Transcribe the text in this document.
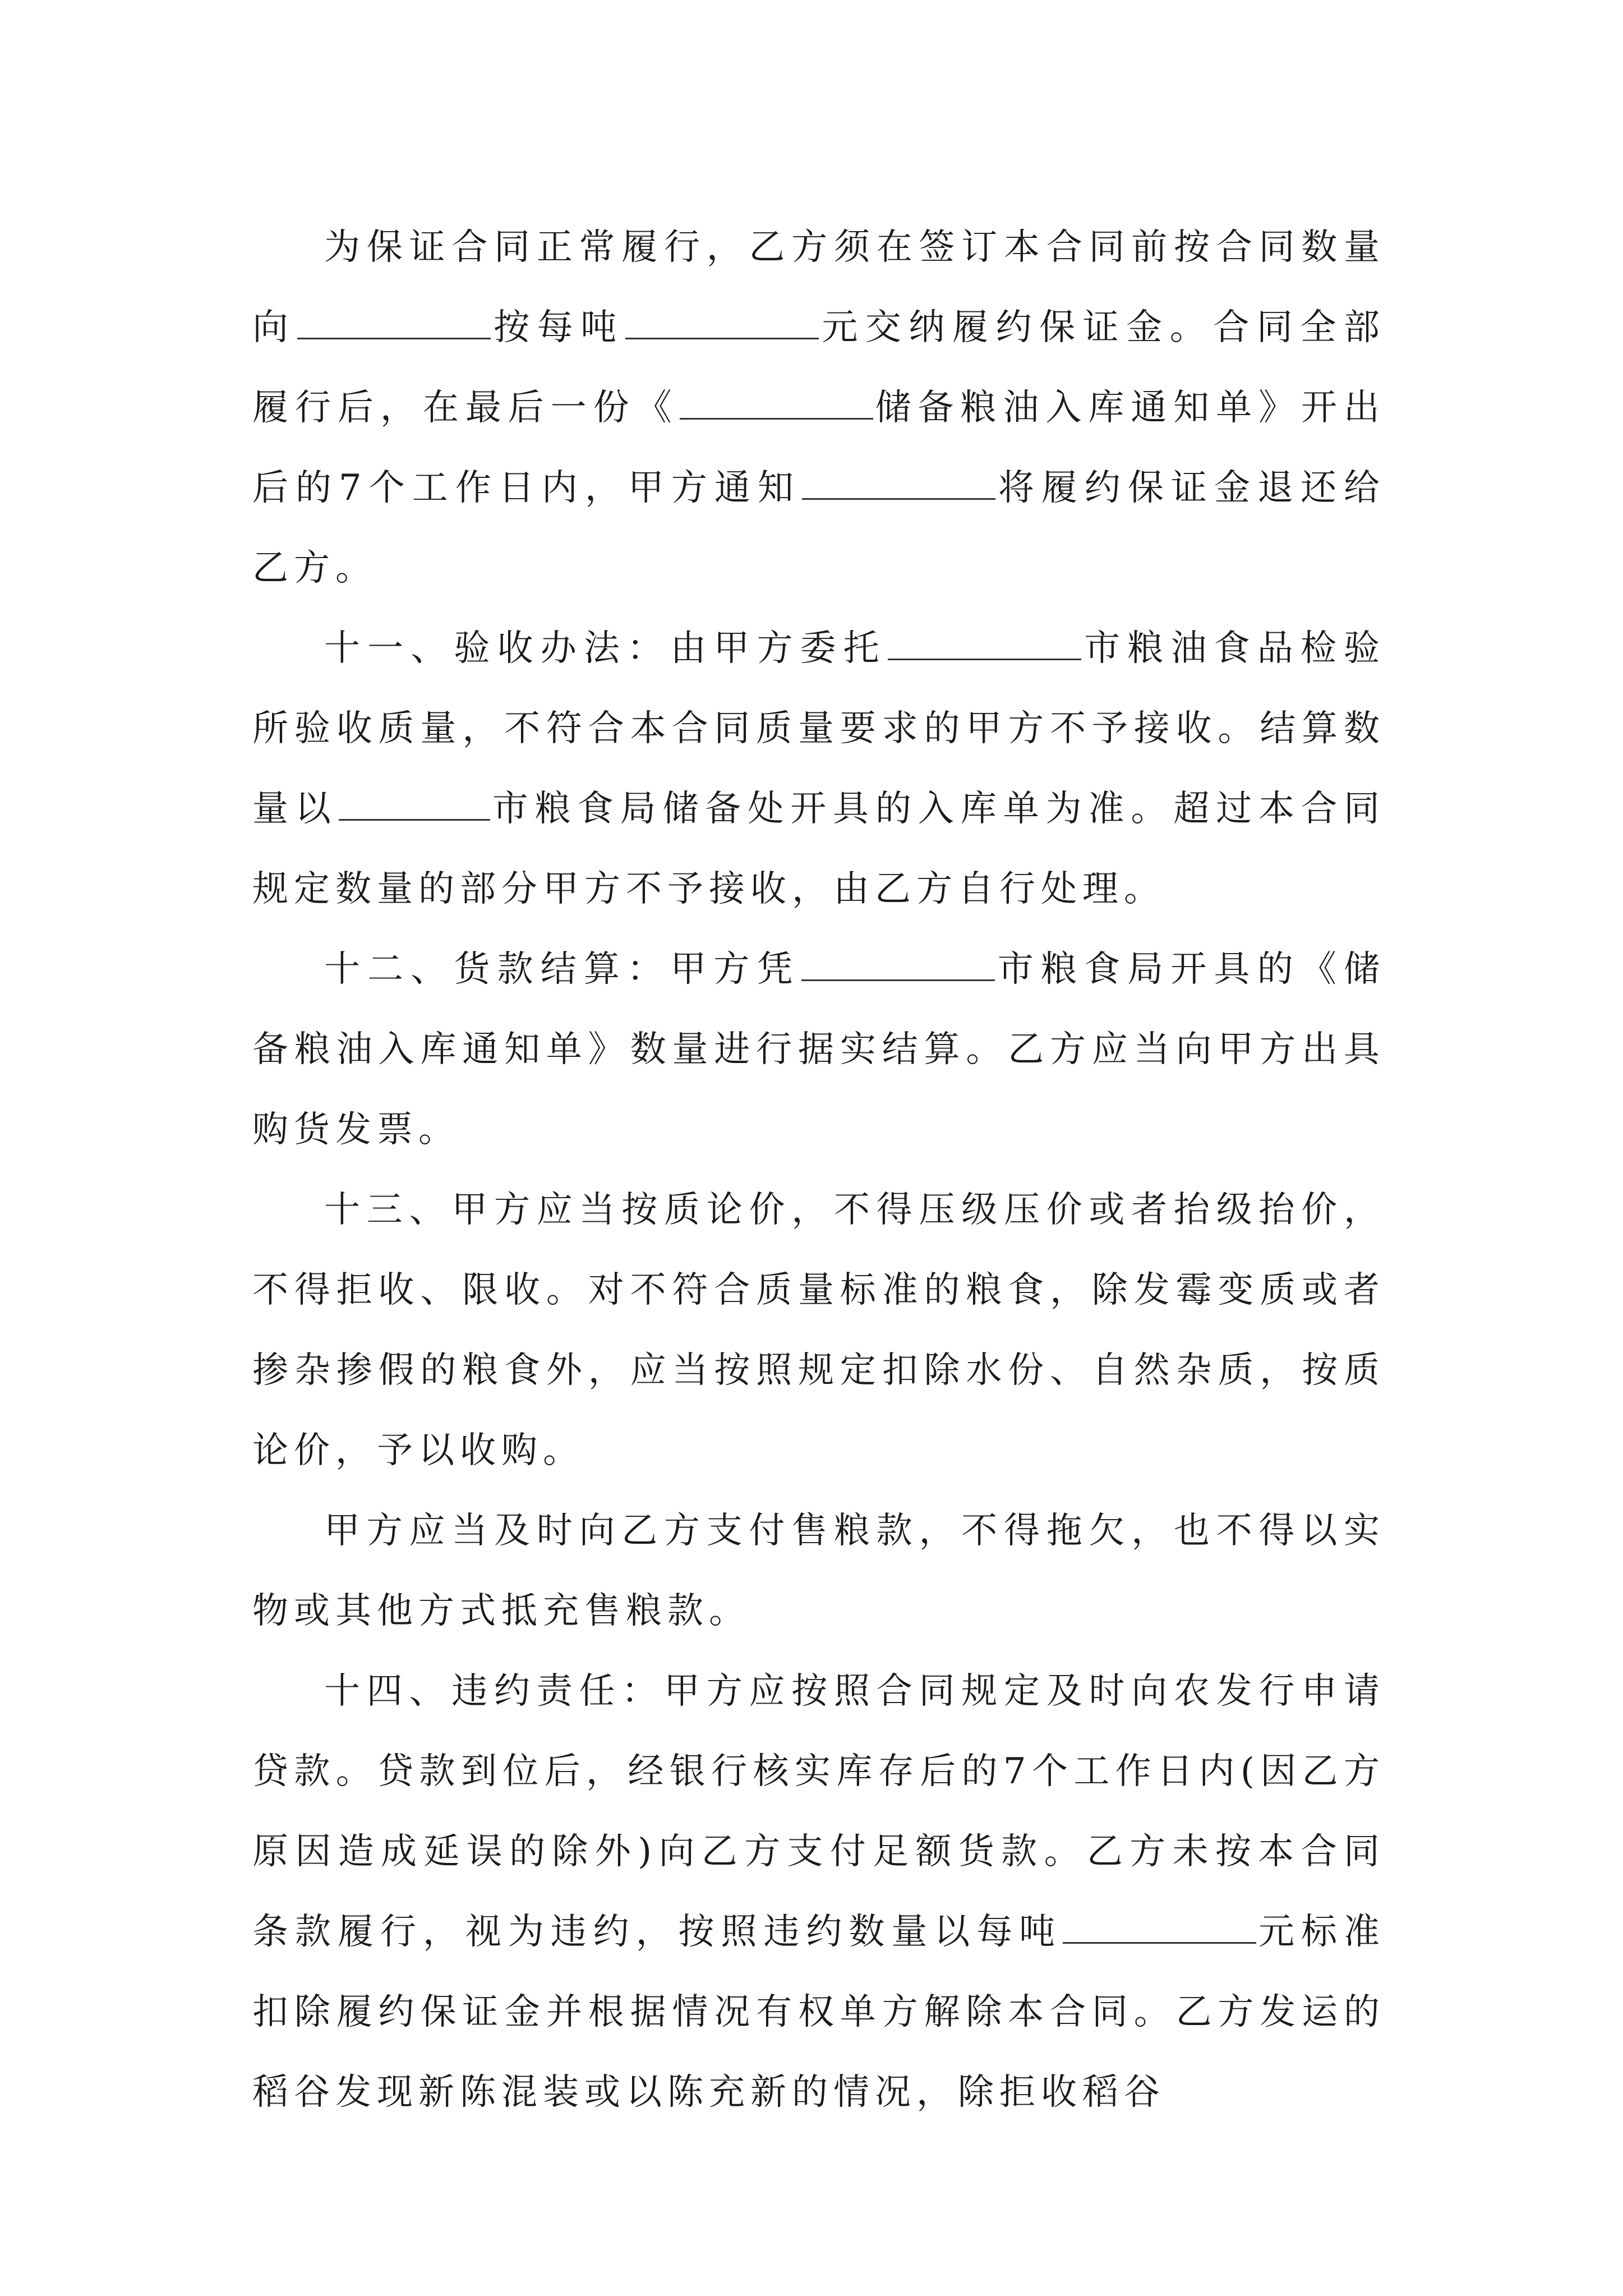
为保证合同正常履行，乙方须在签订本合同前按合同数量向	按每吨	元交纳履约保证金。合同全部履行后，在最后一份《	储备粮油入库通知单》开出后的7个工作日内，甲方通知	将履约保证金退还给乙方。

十一、验收办法：由甲方委托	市粮油食品检验所验收质量，不符合本合同质量要求的甲方不予接收。结算数量以	市粮食局储备处开具的入库单为准。超过本合同规定数量的部分甲方不予接收，由乙方自行处理。

十二、货款结算：甲方凭	市粮食局开具的《储备粮油入库通知单》数量进行据实结算。乙方应当向甲方出具购货发票。

十三、甲方应当按质论价，不得压级压价或者抬级抬价，不得拒收、限收。对不符合质量标准的粮食，除发霉变质或者掺杂掺假的粮食外，应当按照规定扣除水份、自然杂质，按质论价，予以收购。

甲方应当及时向乙方支付售粮款，不得拖欠，也不得以实物或其他方式抵充售粮款。

十四、违约责任：甲方应按照合同规定及时向农发行申请贷款。贷款到位后，经银行核实库存后的7个工作日内(因乙方原因造成延误的除外)向乙方支付足额货款。乙方未按本合同条款履行，视为违约，按照违约数量以每吨	元标准扣除履约保证金并根据情况有权单方解除本合同。乙方发运的稻谷发现新陈混装或以陈充新的情况，除拒收稻谷
